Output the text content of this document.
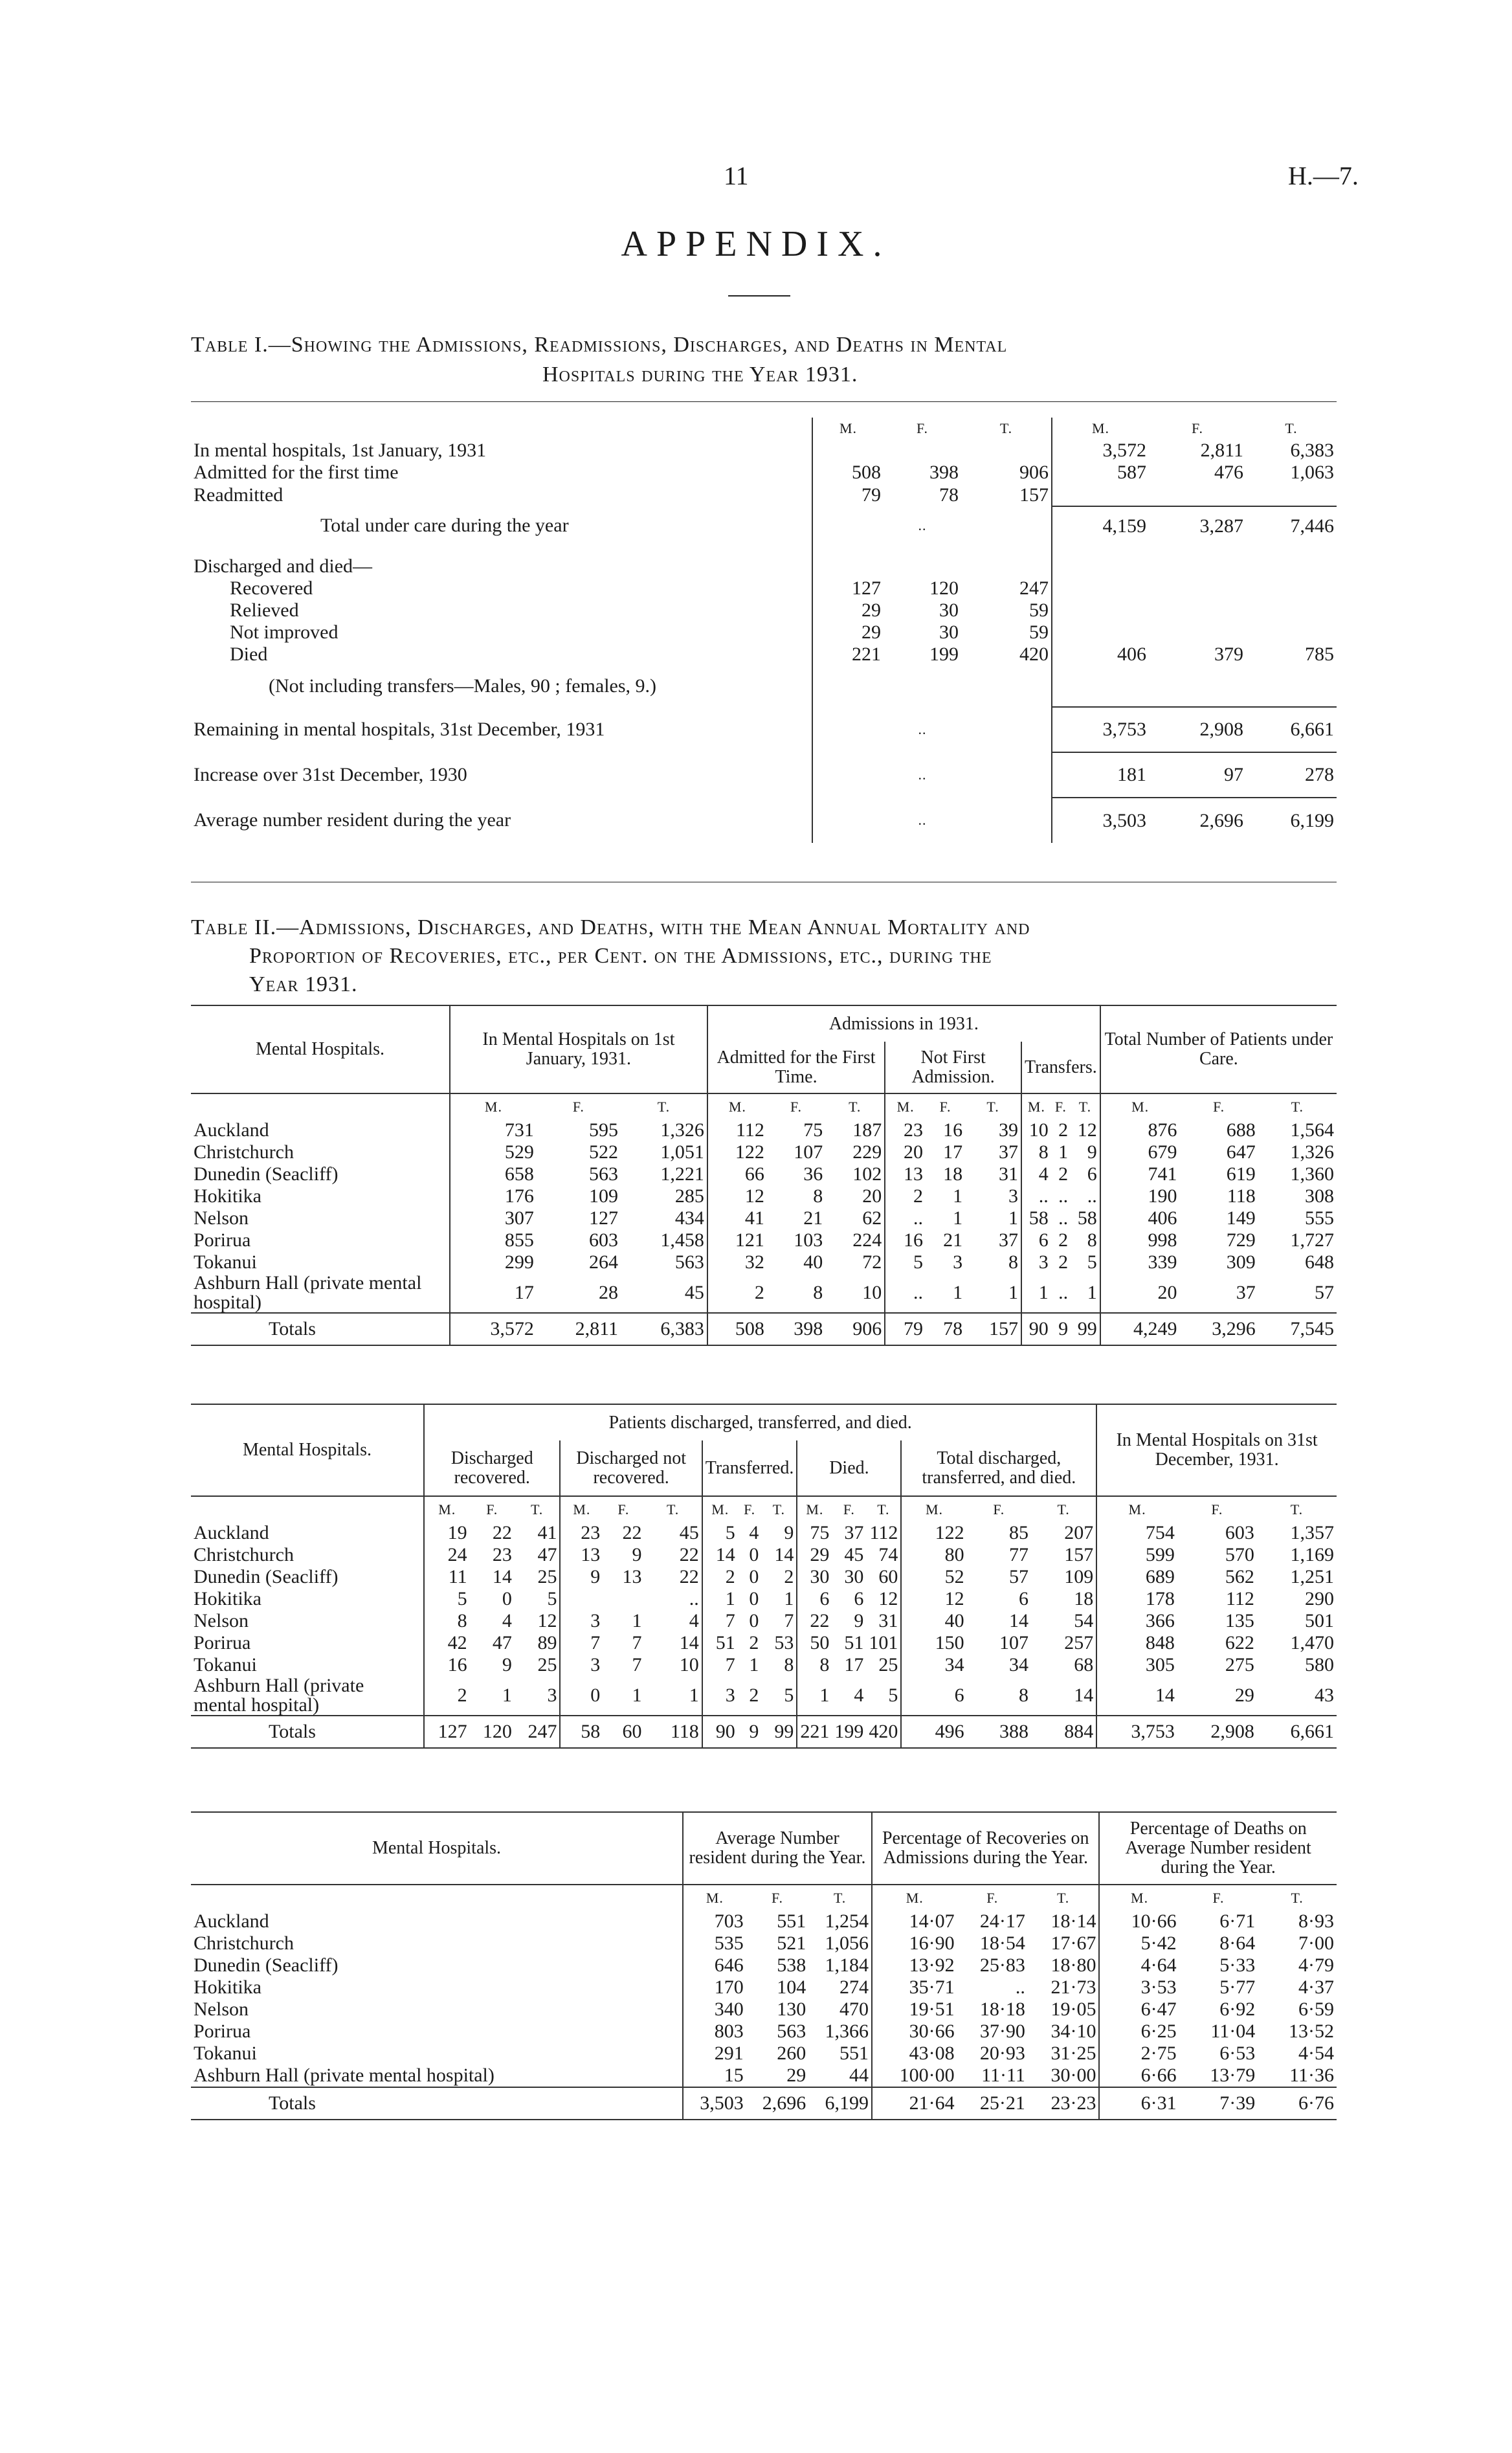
11	H.—7.
APPENDIX.
Table I.—Showing the Admissions, Readmissions, Discharges, and Deaths in Mental
Hospitals during the Year 1931.
	M.	F.	T.	M.	F.	T.
In mental hospitals, 1st January, 1931				3,572	2,811	6,383
Admitted for the first time	508	398	906	587	476	1,063
Readmitted	79	78	157			
Total under care during the year		..		4,159	3,287	7,446
Discharged and died—						
Recovered	127	120	247			
Relieved	29	30	59			
Not improved	29	30	59			
Died	221	199	420	406	379	785
(Not including transfers—Males, 90 ; females, 9.)						
Remaining in mental hospitals, 31st December, 1931		..		3,753	2,908	6,661
Increase over 31st December, 1930		..		181	97	278
Average number resident during the year		..		3,503	2,696	6,199
Table II.—Admissions, Discharges, and Deaths, with the Mean Annual Mortality and
Proportion of Recoveries, etc., per Cent. on the Admissions, etc., during the
Year 1931.
Mental Hospitals.	In Mental Hospitals on 1st January, 1931.			Admissions in 1931.									Total Number of Patients under Care.		
				Admitted for the First Time.			Not First Admission.			Transfers.					
	M.	F.	T.	M.	F.	T.	M.	F.	T.	M.	F.	T.	M.	F.	T.
Auckland	731	595	1,326	112	75	187	23	16	39	10	2	12	876	688	1,564
Christchurch	529	522	1,051	122	107	229	20	17	37	8	1	9	679	647	1,326
Dunedin (Seacliff)	658	563	1,221	66	36	102	13	18	31	4	2	6	741	619	1,360
Hokitika	176	109	285	12	8	20	2	1	3	..	..	..	190	118	308
Nelson	307	127	434	41	21	62	..	1	1	58	..	58	406	149	555
Porirua	855	603	1,458	121	103	224	16	21	37	6	2	8	998	729	1,727
Tokanui	299	264	563	32	40	72	5	3	8	3	2	5	339	309	648
Ashburn Hall (private mental hospital)	17	28	45	2	8	10	..	1	1	1	..	1	20	37	57
Totals	3,572	2,811	6,383	508	398	906	79	78	157	90	9	99	4,249	3,296	7,545
Mental Hospitals.	Patients discharged, transferred, and died.															In Mental Hospitals on 31st December, 1931.		
	Discharged recovered.			Discharged not recovered.			Transferred.			Died.			Total discharged, transferred, and died.					
	M.	F.	T.	M.	F.	T.	M.	F.	T.	M.	F.	T.	M.	F.	T.	M.	F.	T.
Auckland	19	22	41	23	22	45	5	4	9	75	37	112	122	85	207	754	603	1,357
Christchurch	24	23	47	13	9	22	14	0	14	29	45	74	80	77	157	599	570	1,169
Dunedin (Seacliff)	11	14	25	9	13	22	2	0	2	30	30	60	52	57	109	689	562	1,251
Hokitika	5	0	5			..	1	0	1	6	6	12	12	6	18	178	112	290
Nelson	8	4	12	3	1	4	7	0	7	22	9	31	40	14	54	366	135	501
Porirua	42	47	89	7	7	14	51	2	53	50	51	101	150	107	257	848	622	1,470
Tokanui	16	9	25	3	7	10	7	1	8	8	17	25	34	34	68	305	275	580
Ashburn Hall (private mental hospital)	2	1	3	0	1	1	3	2	5	1	4	5	6	8	14	14	29	43
Totals	127	120	247	58	60	118	90	9	99	221	199	420	496	388	884	3,753	2,908	6,661
Mental Hospitals.	Average Number resident during the Year.			Percentage of Recoveries on Admissions during the Year.			Percentage of Deaths on Average Number resident during the Year.		
	M.	F.	T.	M.	F.	T.	M.	F.	T.
Auckland	703	551	1,254	14·07	24·17	18·14	10·66	6·71	8·93
Christchurch	535	521	1,056	16·90	18·54	17·67	5·42	8·64	7·00
Dunedin (Seacliff)	646	538	1,184	13·92	25·83	18·80	4·64	5·33	4·79
Hokitika	170	104	274	35·71	..	21·73	3·53	5·77	4·37
Nelson	340	130	470	19·51	18·18	19·05	6·47	6·92	6·59
Porirua	803	563	1,366	30·66	37·90	34·10	6·25	11·04	13·52
Tokanui	291	260	551	43·08	20·93	31·25	2·75	6·53	4·54
Ashburn Hall (private mental hospital)	15	29	44	100·00	11·11	30·00	6·66	13·79	11·36
Totals	3,503	2,696	6,199	21·64	25·21	23·23	6·31	7·39	6·76
